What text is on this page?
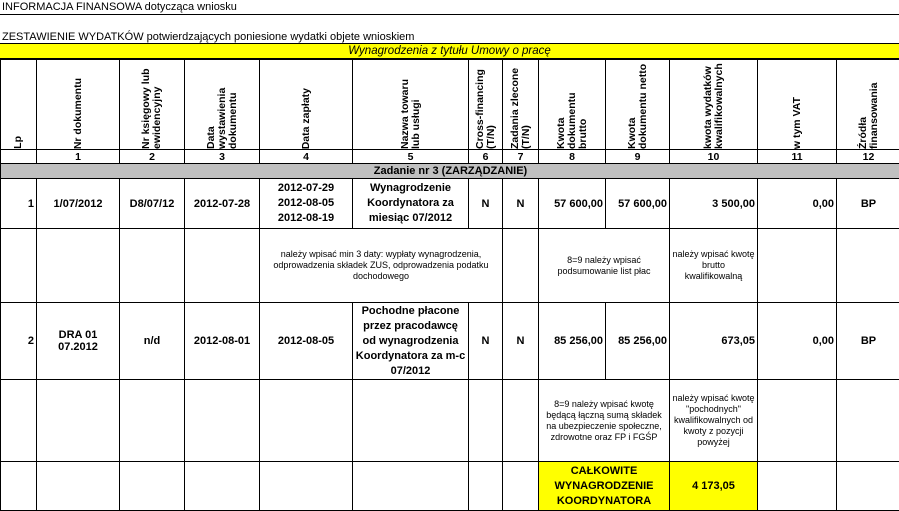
INFORMACJA FINANSOWA dotycząca wniosku
ZESTAWIENIE WYDATKÓW potwierdzających poniesione wydatki objete wnioskiem
Wynagrodzenia z tytułu Umowy o pracę
Lp	Nr dokumentu	Nr księgowy lub ewidencyjny	Data wystawienia dokumentu	Data zapłaty	Nazwa towaru lub usługi	Cross-financing (T/N)	Zadania zlecone (T/N)	Kwota dokumentu brutto	Kwota dokumentu netto	kwota wydatków kwalifikowalnych	w tym VAT	Źródła finansowania

	1	2	3	4	5	6	7	8	9	10	11	12
Zadanie nr 3 (ZARZĄDZANIE)												
1	1/07/2012	D8/07/12	2012-07-28	2012-07-29
2012-08-05
2012-08-19	Wynagrodzenie Koordynatora za miesiąc 07/2012	N	N	57 600,00	57 600,00	3 500,00	0,00	BP
				należy wpisać min 3 daty: wypłaty wynagrodzenia, odprowadzenia składek ZUS, odprowadzenia podatku dochodowego				8=9 należy wpisać podsumowanie list płac		należy wpisać kwotę brutto kwalifikowalną		
2	DRA 01 07.2012	n/d	2012-08-01	2012-08-05	Pochodne płacone przez pracodawcę od wynagrodzenia Koordynatora za m-c 07/2012	N	N	85 256,00	85 256,00	673,05	0,00	BP
								8=9 należy wpisać kwotę będącą łączną sumą składek na ubezpieczenie społeczne, zdrowotne oraz FP i FGŚP		należy wpisać kwotę "pochodnych" kwalifikowalnych od kwoty z pozycji powyżej		
								CAŁKOWITE WYNAGRODZENIE KOORDYNATORA		4 173,05		
